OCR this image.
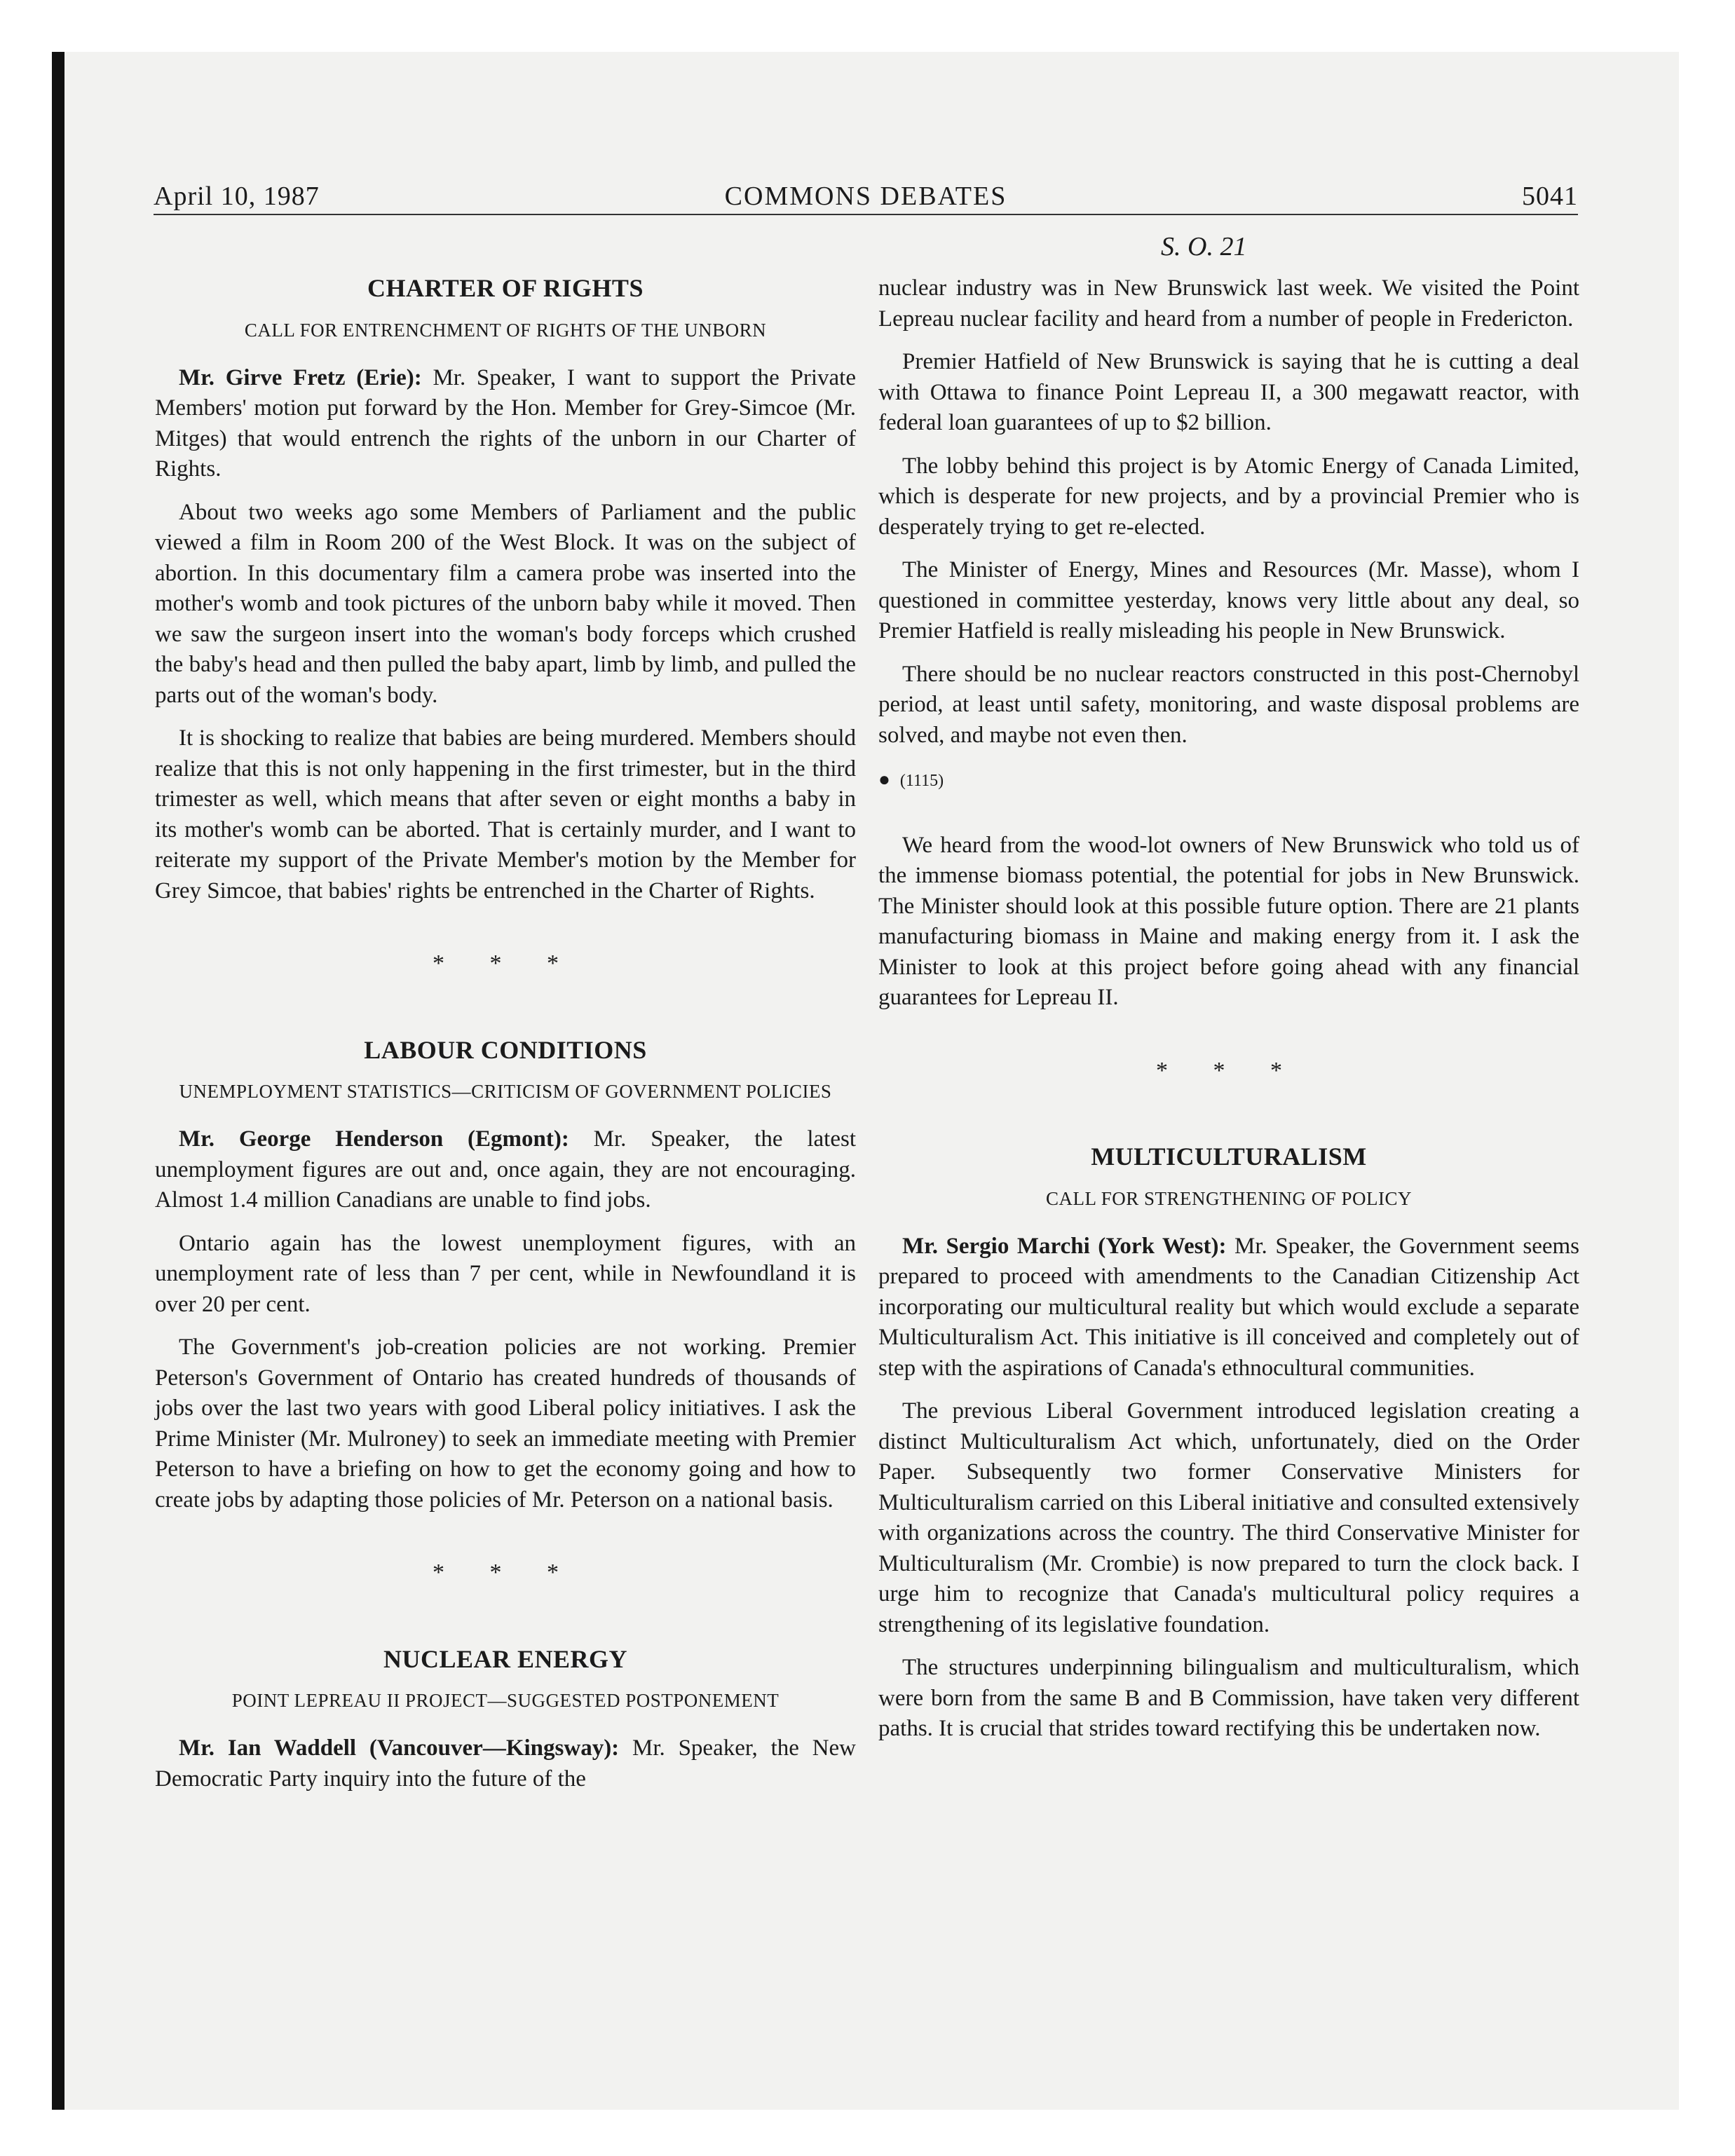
April 10, 1987	COMMONS DEBATES	5041
S. O. 21
CHARTER OF RIGHTS
CALL FOR ENTRENCHMENT OF RIGHTS OF THE UNBORN

Mr. Girve Fretz (Erie): Mr. Speaker, I want to support the Private Members' motion put forward by the Hon. Member for Grey-Simcoe (Mr. Mitges) that would entrench the rights of the unborn in our Charter of Rights.

About two weeks ago some Members of Parliament and the public viewed a film in Room 200 of the West Block. It was on the subject of abortion. In this documentary film a camera probe was inserted into the mother's womb and took pictures of the unborn baby while it moved. Then we saw the surgeon insert into the woman's body forceps which crushed the baby's head and then pulled the baby apart, limb by limb, and pulled the parts out of the woman's body.

It is shocking to realize that babies are being murdered. Members should realize that this is not only happening in the first trimester, but in the third trimester as well, which means that after seven or eight months a baby in its mother's womb can be aborted. That is certainly murder, and I want to reiterate my support of the Private Member's motion by the Member for Grey Simcoe, that babies' rights be entrenched in the Charter of Rights.

* * *
LABOUR CONDITIONS
UNEMPLOYMENT STATISTICS—CRITICISM OF GOVERNMENT POLICIES

Mr. George Henderson (Egmont): Mr. Speaker, the latest unemployment figures are out and, once again, they are not encouraging. Almost 1.4 million Canadians are unable to find jobs.

Ontario again has the lowest unemployment figures, with an unemployment rate of less than 7 per cent, while in Newfoundland it is over 20 per cent.

The Government's job-creation policies are not working. Premier Peterson's Government of Ontario has created hundreds of thousands of jobs over the last two years with good Liberal policy initiatives. I ask the Prime Minister (Mr. Mulroney) to seek an immediate meeting with Premier Peterson to have a briefing on how to get the economy going and how to create jobs by adapting those policies of Mr. Peterson on a national basis.

* * *
NUCLEAR ENERGY
POINT LEPREAU II PROJECT—SUGGESTED POSTPONEMENT

Mr. Ian Waddell (Vancouver—Kingsway): Mr. Speaker, the New Democratic Party inquiry into the future of the

nuclear industry was in New Brunswick last week. We visited the Point Lepreau nuclear facility and heard from a number of people in Fredericton.

Premier Hatfield of New Brunswick is saying that he is cutting a deal with Ottawa to finance Point Lepreau II, a 300 megawatt reactor, with federal loan guarantees of up to $2 billion.

The lobby behind this project is by Atomic Energy of Canada Limited, which is desperate for new projects, and by a provincial Premier who is desperately trying to get re-elected.

The Minister of Energy, Mines and Resources (Mr. Masse), whom I questioned in committee yesterday, knows very little about any deal, so Premier Hatfield is really misleading his people in New Brunswick.

There should be no nuclear reactors constructed in this post-Chernobyl period, at least until safety, monitoring, and waste disposal problems are solved, and maybe not even then.

● (1115)

We heard from the wood-lot owners of New Brunswick who told us of the immense biomass potential, the potential for jobs in New Brunswick. The Minister should look at this possible future option. There are 21 plants manufacturing biomass in Maine and making energy from it. I ask the Minister to look at this project before going ahead with any financial guarantees for Lepreau II.

* * *
MULTICULTURALISM
CALL FOR STRENGTHENING OF POLICY

Mr. Sergio Marchi (York West): Mr. Speaker, the Government seems prepared to proceed with amendments to the Canadian Citizenship Act incorporating our multicultural reality but which would exclude a separate Multiculturalism Act. This initiative is ill conceived and completely out of step with the aspirations of Canada's ethnocultural communities.

The previous Liberal Government introduced legislation creating a distinct Multiculturalism Act which, unfortunately, died on the Order Paper. Subsequently two former Conservative Ministers for Multiculturalism carried on this Liberal initiative and consulted extensively with organizations across the country. The third Conservative Minister for Multiculturalism (Mr. Crombie) is now prepared to turn the clock back. I urge him to recognize that Canada's multicultural policy requires a strengthening of its legislative foundation.

The structures underpinning bilingualism and multiculturalism, which were born from the same B and B Commission, have taken very different paths. It is crucial that strides toward rectifying this be undertaken now.
